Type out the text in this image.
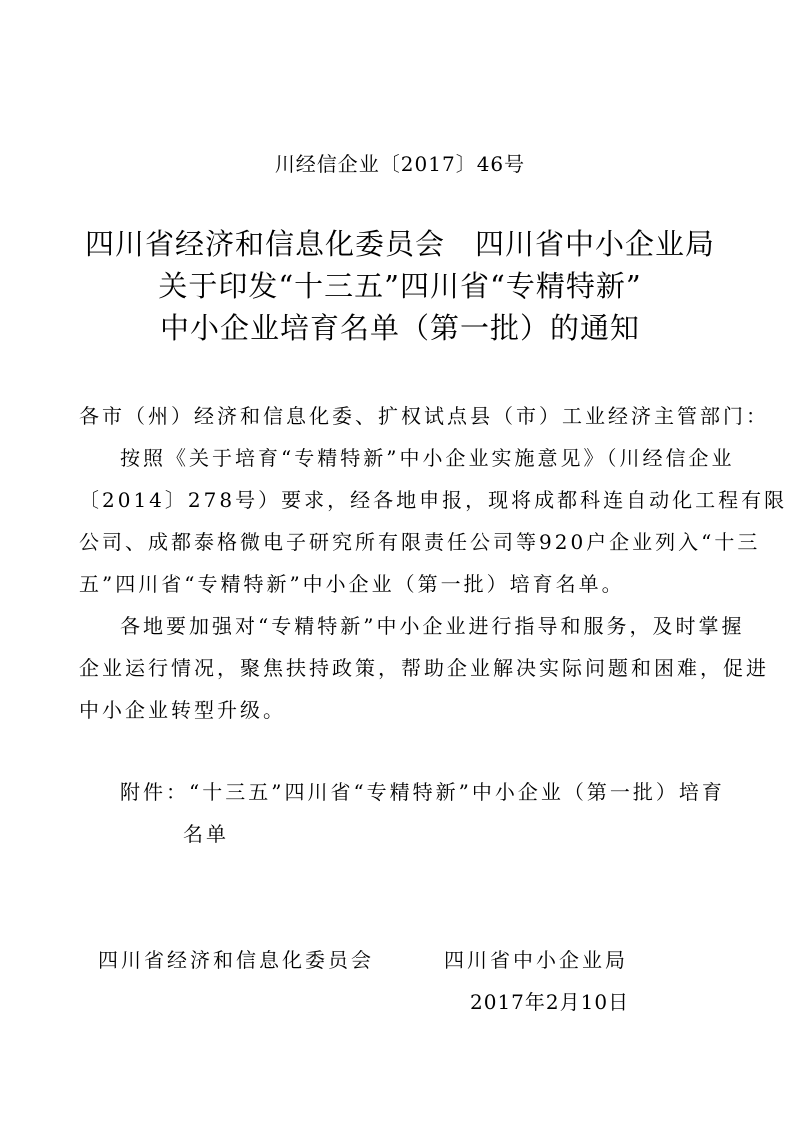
川经信企业〔2017〕46号
四川省经济和信息化委员会　四川省中小企业局
关于印发“十三五”四川省“专精特新”
中小企业培育名单（第一批）的通知
各市（州）经济和信息化委、扩权试点县（市）工业经济主管部门：
按照《关于培育“专精特新”中小企业实施意见》（川经信企业
〔2014〕278号）要求，经各地申报，现将成都科连自动化工程有限
公司、成都泰格微电子研究所有限责任公司等920户企业列入“十三
五”四川省“专精特新”中小企业（第一批）培育名单。
各地要加强对“专精特新”中小企业进行指导和服务，及时掌握
企业运行情况，聚焦扶持政策，帮助企业解决实际问题和困难，促进
中小企业转型升级。
附件：“十三五”四川省“专精特新”中小企业（第一批）培育
名单
四川省经济和信息化委员会	四川省中小企业局
2017年2月10日
